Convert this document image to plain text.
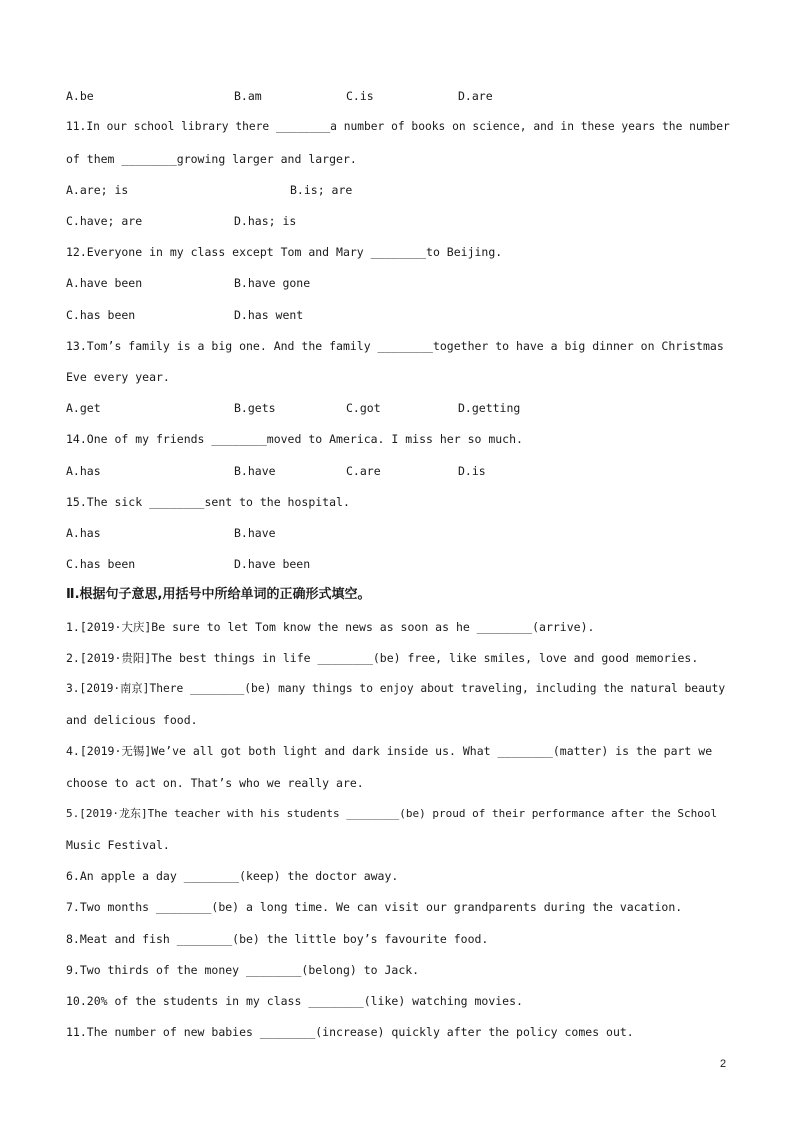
A.be	B.am	C.is	D.are
11.In our school library there ________a number of books on science, and in these years the number
of them ________growing larger and larger.
A.are; is	B.is; are
C.have; are	D.has; is
12.Everyone in my class except Tom and Mary ________to Beijing.
A.have been	B.have gone
C.has been	D.has went
13.Tom’s family is a big one. And the family ________together to have a big dinner on Christmas
Eve every year.
A.get	B.gets	C.got	D.getting
14.One of my friends ________moved to America. I miss her so much.
A.has	B.have	C.are	D.is
15.The sick ________sent to the hospital.
A.has	B.have
C.has been	D.have been
Ⅱ.根据句子意思,用括号中所给单词的正确形式填空。
1.[2019·大庆]Be sure to let Tom know the news as soon as he ________(arrive).
2.[2019·贵阳]The best things in life ________(be) free, like smiles, love and good memories.
3.[2019·南京]There ________(be) many things to enjoy about traveling, including the natural beauty
and delicious food.
4.[2019·无锡]We’ve all got both light and dark inside us. What ________(matter) is the part we
choose to act on. That’s who we really are.
5.[2019·龙东]The teacher with his students ________(be) proud of their performance after the School
Music Festival.
6.An apple a day ________(keep) the doctor away.
7.Two months ________(be) a long time. We can visit our grandparents during the vacation.
8.Meat and fish ________(be) the little boy’s favourite food.
9.Two thirds of the money ________(belong) to Jack.
10.20% of the students in my class ________(like) watching movies.
11.The number of new babies ________(increase) quickly after the policy comes out.
2
